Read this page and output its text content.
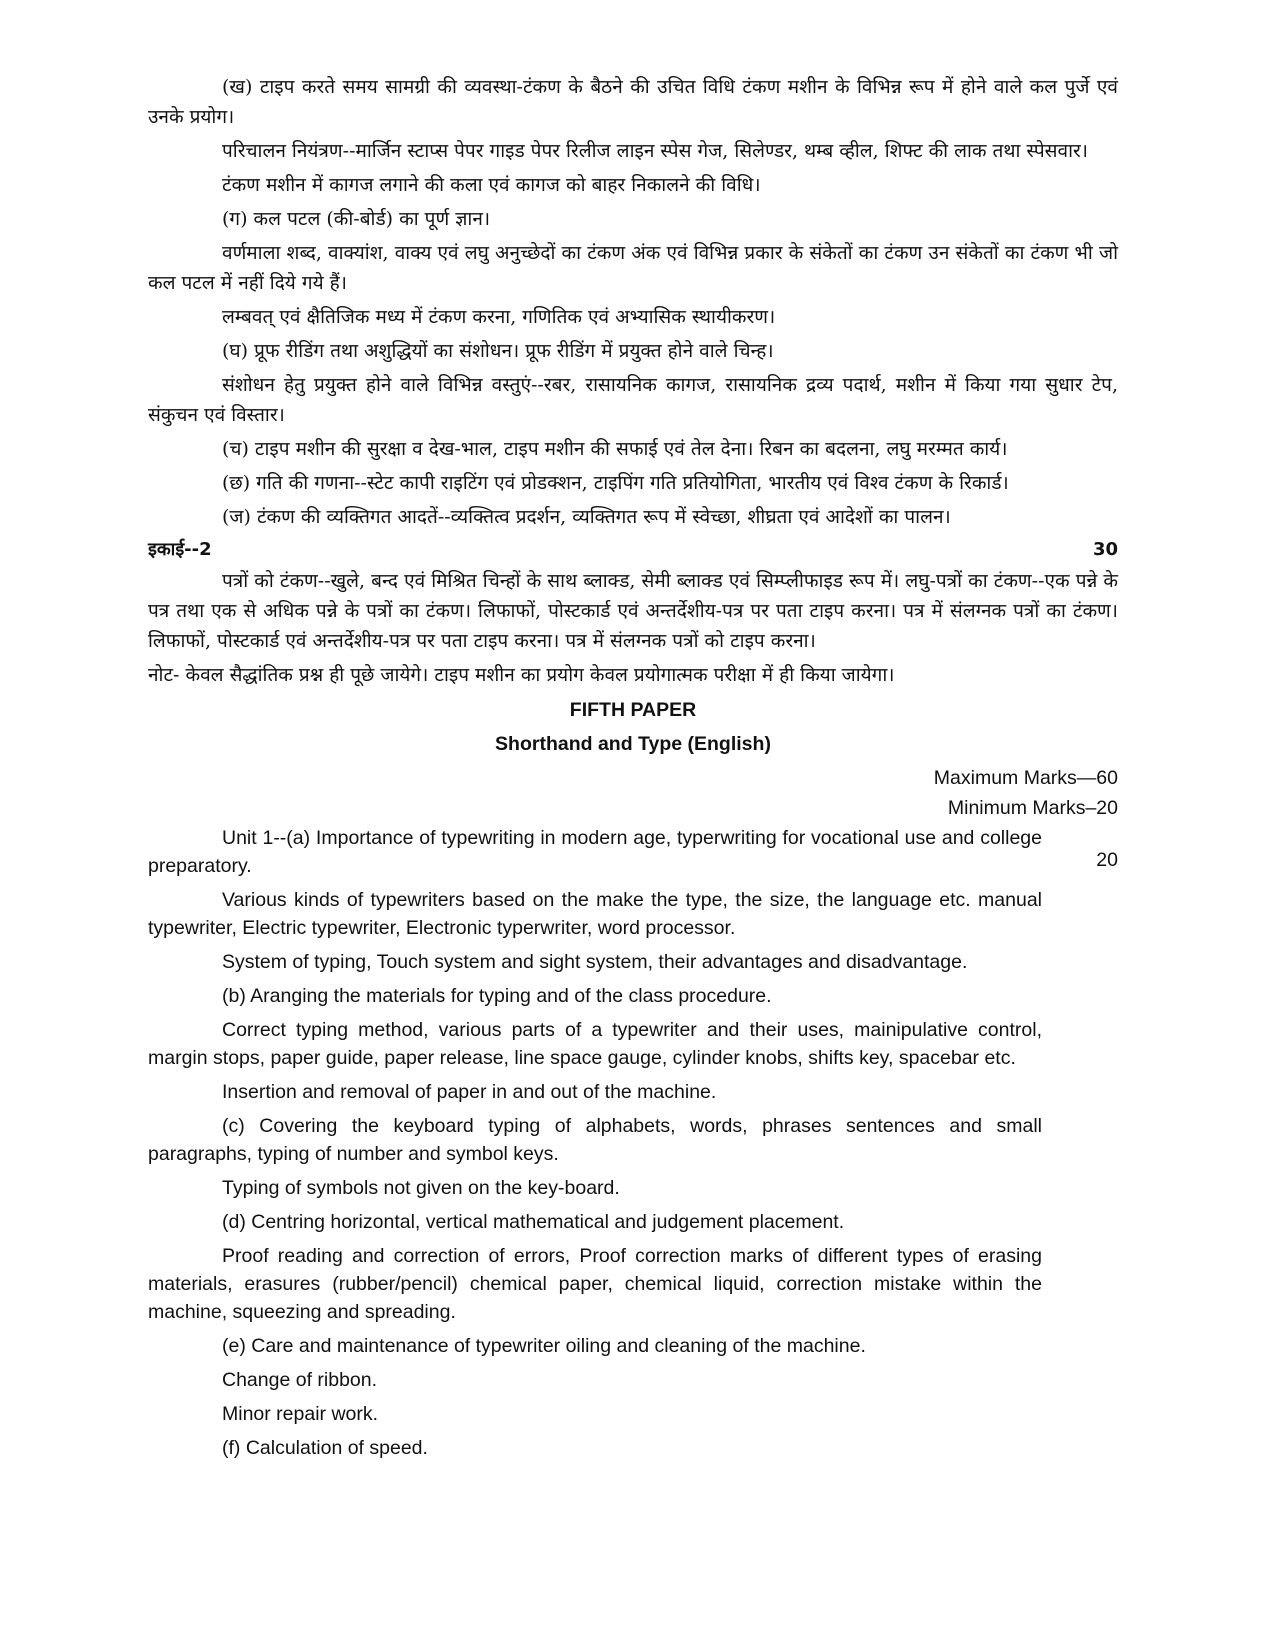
(ख) टाइप करते समय सामग्री की व्यवस्था-टंकण के बैठने की उचित विधि टंकण मशीन के विभिन्न रूप में होने वाले कल पुर्जे एवं उनके प्रयोग।

परिचालन नियंत्रण--मार्जिन स्टाप्स पेपर गाइड पेपर रिलीज लाइन स्पेस गेज, सिलेण्डर, थम्ब व्हील, शिफ्ट की लाक तथा स्पेसवार।

टंकण मशीन में कागज लगाने की कला एवं कागज को बाहर निकालने की विधि।

(ग) कल पटल (की-बोर्ड) का पूर्ण ज्ञान।

वर्णमाला शब्द, वाक्यांश, वाक्य एवं लघु अनुच्छेदों का टंकण अंक एवं विभिन्न प्रकार के संकेतों का टंकण उन संकेतों का टंकण भी जो कल पटल में नहीं दिये गये हैं।

लम्बवत् एवं क्षैतिजिक मध्य में टंकण करना, गणितिक एवं अभ्यासिक स्थायीकरण।

(घ) प्रूफ रीडिंग तथा अशुद्धियों का संशोधन। प्रूफ रीडिंग में प्रयुक्त होने वाले चिन्ह।

संशोधन हेतु प्रयुक्त होने वाले विभिन्न वस्तुएं--रबर, रासायनिक कागज, रासायनिक द्रव्य पदार्थ, मशीन में किया गया सुधार टेप, संकुचन एवं विस्तार।

(च) टाइप मशीन की सुरक्षा व देख-भाल, टाइप मशीन की सफाई एवं तेल देना। रिबन का बदलना, लघु मरम्मत कार्य।

(छ) गति की गणना--स्टेट कापी राइटिंग एवं प्रोडक्शन, टाइपिंग गति प्रतियोगिता, भारतीय एवं विश्व टंकण के रिकार्ड।

(ज) टंकण की व्यक्तिगत आदतें--व्यक्तित्व प्रदर्शन, व्यक्तिगत रूप में स्वेच्छा, शीघ्रता एवं आदेशों का पालन।

इकाई--2	30

पत्रों को टंकण--खुले, बन्द एवं मिश्रित चिन्हों के साथ ब्लाक्ड, सेमी ब्लाक्ड एवं सिम्प्लीफाइड रूप में। लघु-पत्रों का टंकण--एक पन्ने के पत्र तथा एक से अधिक पन्ने के पत्रों का टंकण। लिफाफों, पोस्टकार्ड एवं अन्तर्देशीय-पत्र पर पता टाइप करना। पत्र में संलग्नक पत्रों का टंकण। लिफाफों, पोस्टकार्ड एवं अन्तर्देशीय-पत्र पर पता टाइप करना। पत्र में संलग्नक पत्रों को टाइप करना।

नोट- केवल सैद्धांतिक प्रश्न ही पूछे जायेगे। टाइप मशीन का प्रयोग केवल प्रयोगात्मक परीक्षा में ही किया जायेगा।

FIFTH PAPER
Shorthand and Type (English)
Maximum Marks—60
Minimum Marks–20

Unit 1--(a) Importance of typewriting in modern age, typerwriting for vocational use and college preparatory.	20

Various kinds of typewriters based on the make the type, the size, the language etc. manual typewriter, Electric typewriter, Electronic typerwriter, word processor.

System of typing, Touch system and sight system, their advantages and disadvantage.

(b) Aranging the materials for typing and of the class procedure.

Correct typing method, various parts of a typewriter and their uses, mainipulative control, margin stops, paper guide, paper release, line space gauge, cylinder knobs, shifts key, spacebar etc.

Insertion and removal of paper in and out of the machine.

(c) Covering the keyboard typing of alphabets, words, phrases sentences and small paragraphs, typing of number and symbol keys.

Typing of symbols not given on the key-board.

(d) Centring horizontal, vertical mathematical and judgement placement.

Proof reading and correction of errors, Proof correction marks of different types of erasing materials, erasures (rubber/pencil) chemical paper, chemical liquid, correction mistake within the machine, squeezing and spreading.

(e) Care and maintenance of typewriter oiling and cleaning of the machine.

Change of ribbon.

Minor repair work.

(f) Calculation of speed.
